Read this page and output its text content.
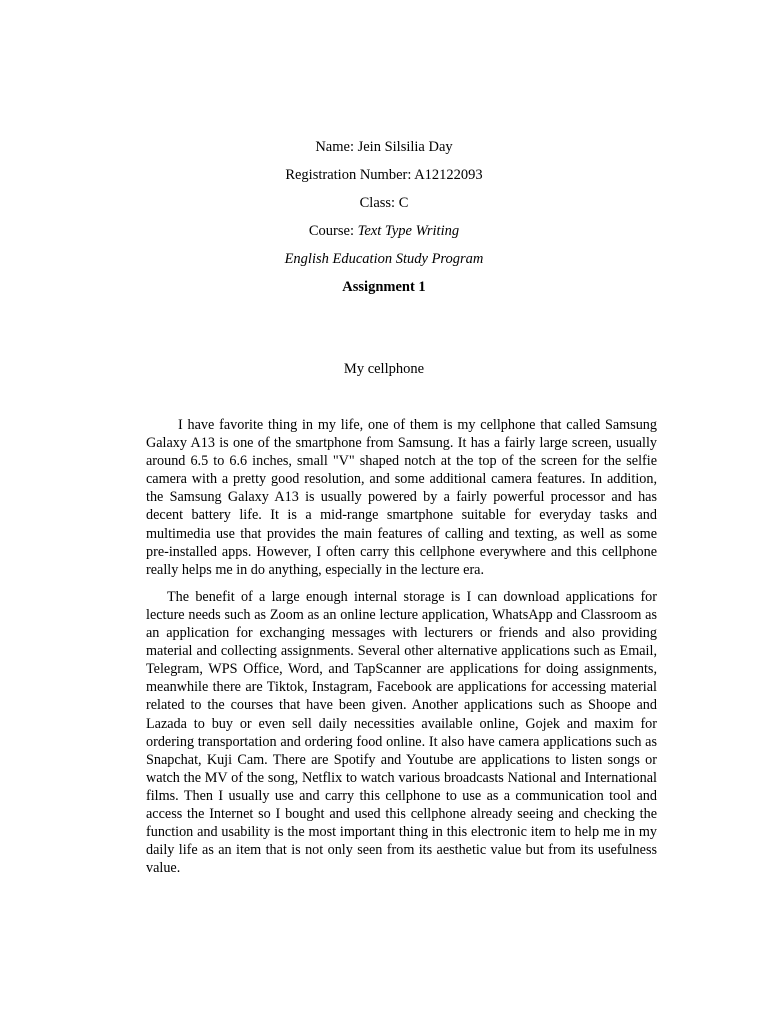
Name: Jein Silsilia Day

Registration Number: A12122093

Class: C

Course: Text Type Writing

English Education Study Program

Assignment 1

My cellphone

I have favorite thing in my life, one of them is my cellphone that called Samsung Galaxy A13 is one of the smartphone from Samsung. It has a fairly large screen, usually around 6.5 to 6.6 inches, small "V" shaped notch at the top of the screen for the selfie camera with a pretty good resolution, and some additional camera features. In addition, the Samsung Galaxy A13 is usually powered by a fairly powerful processor and has decent battery life. It is a mid-range smartphone suitable for everyday tasks and multimedia use that provides the main features of calling and texting, as well as some pre-installed apps. However, I often carry this cellphone everywhere and this cellphone really helps me in do anything, especially in the lecture era.

The benefit of a large enough internal storage is I can download applications for lecture needs such as Zoom as an online lecture application, WhatsApp and Classroom as an application for exchanging messages with lecturers or friends and also providing material and collecting assignments. Several other alternative applications such as Email, Telegram, WPS Office, Word, and TapScanner are applications for doing assignments, meanwhile there are Tiktok, Instagram, Facebook are applications for accessing material related to the courses that have been given. Another applications such as Shoope and Lazada to buy or even sell daily necessities available online, Gojek and maxim for ordering transportation and ordering food online. It also have camera applications such as Snapchat, Kuji Cam. There are Spotify and Youtube are applications to listen songs or watch the MV of the song, Netflix to watch various broadcasts National and International films. Then I usually use and carry this cellphone to use as a communication tool and access the Internet so I bought and used this cellphone already seeing and checking the function and usability is the most important thing in this electronic item to help me in my daily life as an item that is not only seen from its aesthetic value but from its usefulness value.
